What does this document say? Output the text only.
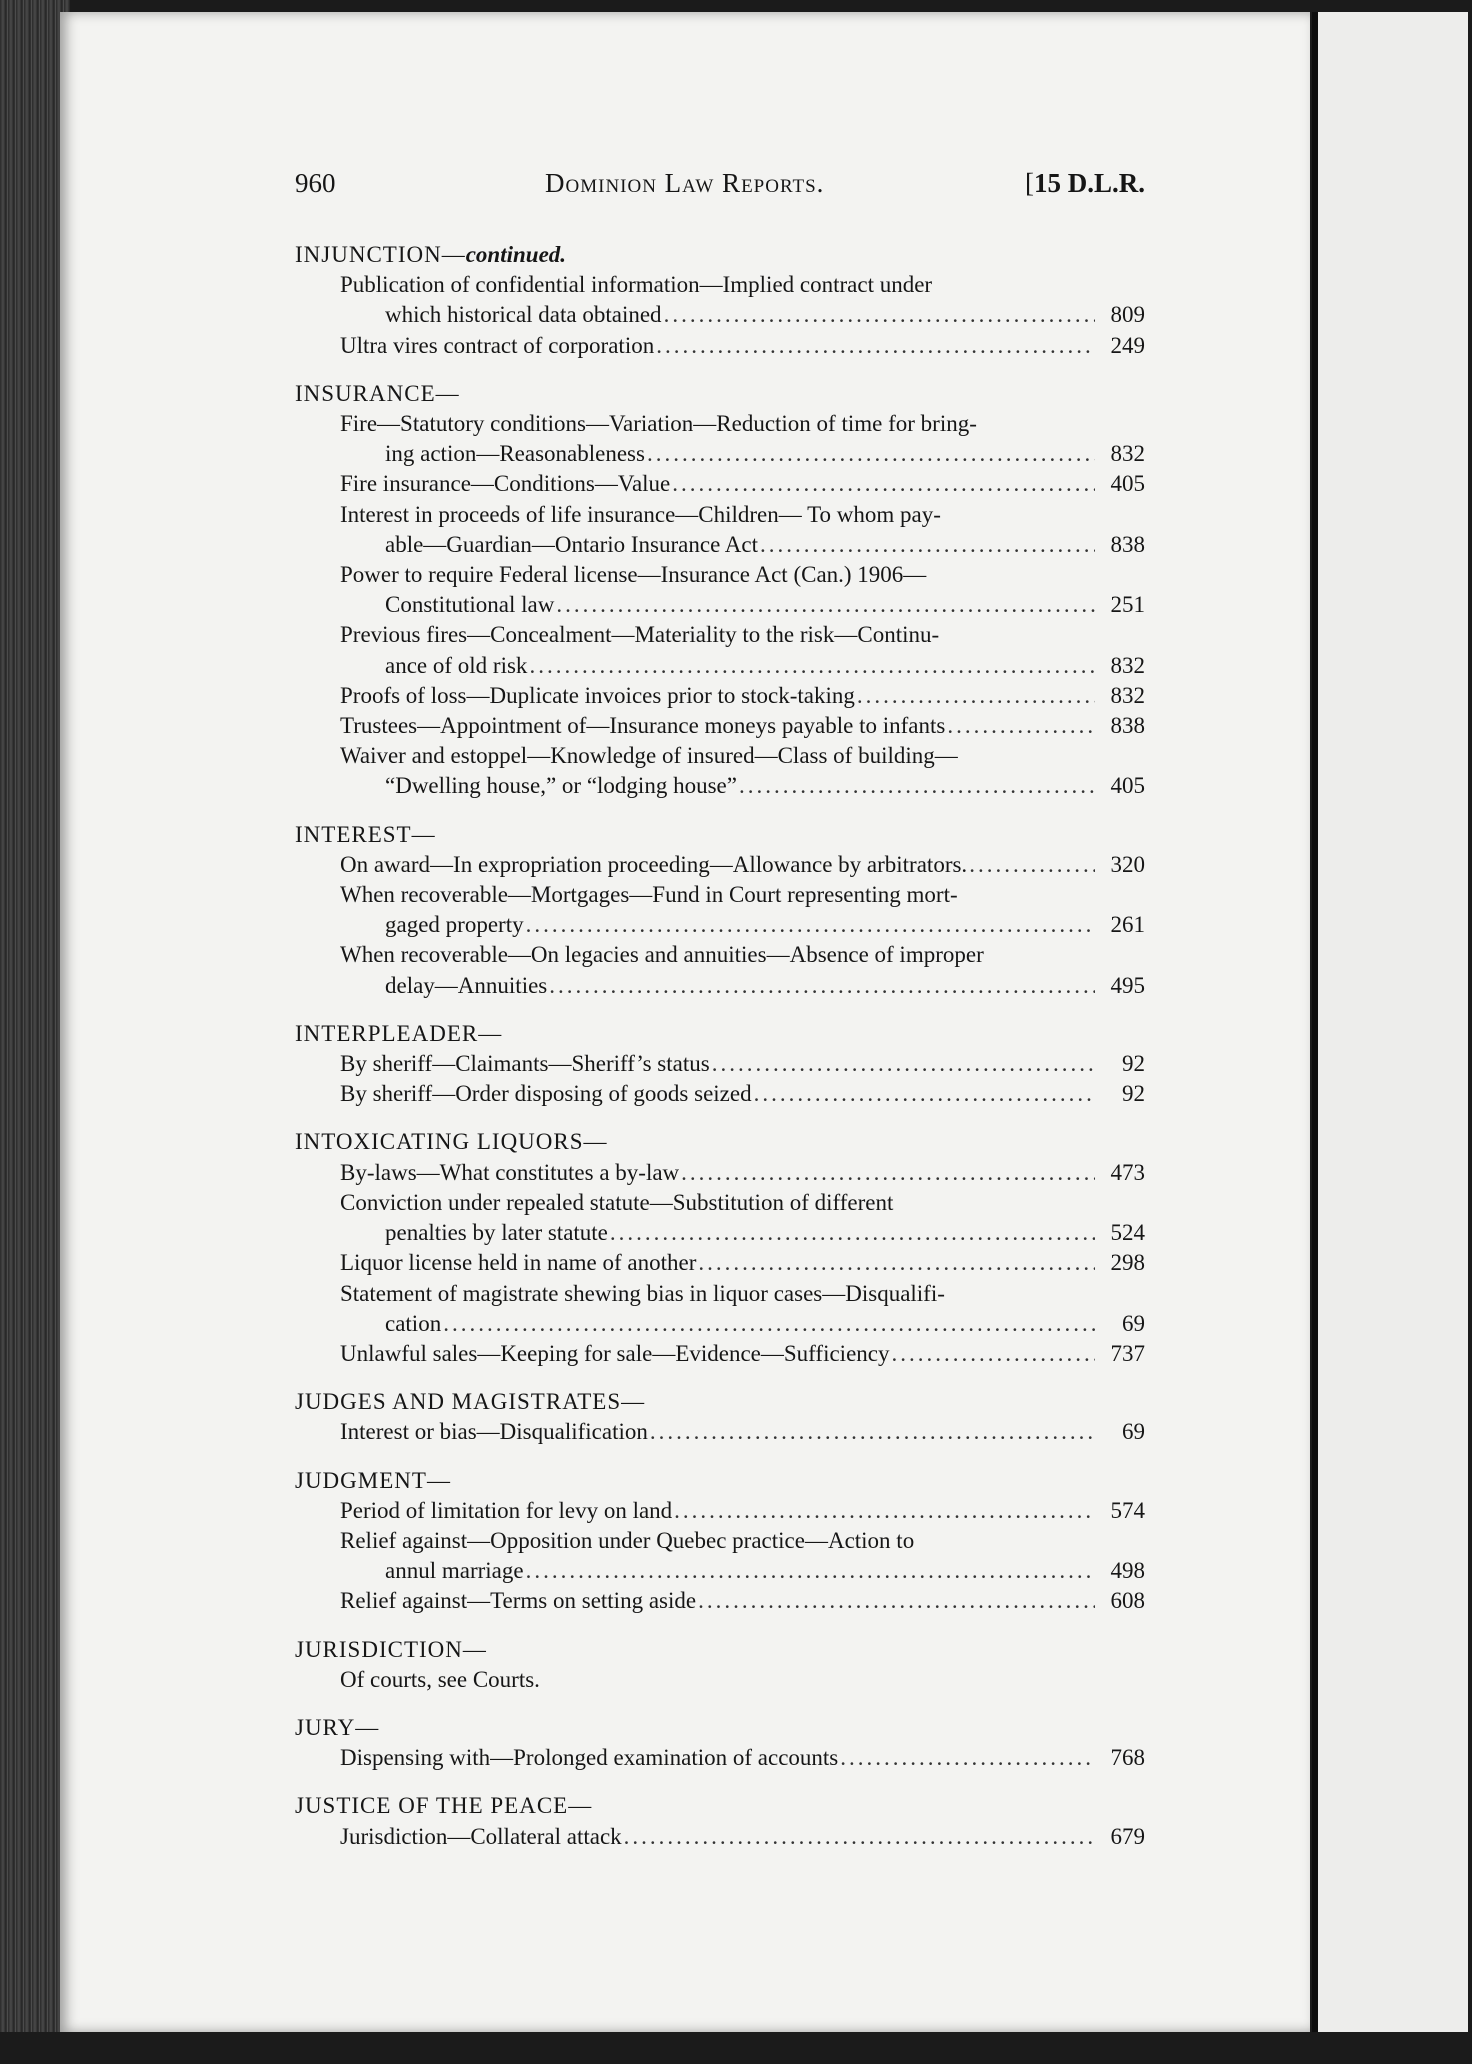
960	Dominion Law Reports.	[15 D.L.R.
INJUNCTION—continued.
Publication of confidential information—Implied contract under
which historical data obtained .....	809
Ultra vires contract of corporation .....	249
INSURANCE—
Fire—Statutory conditions—Variation—Reduction of time for bring-
ing action—Reasonableness .....	832
Fire insurance—Conditions—Value .....	405
Interest in proceeds of life insurance—Children— To whom pay-
able—Guardian—Ontario Insurance Act .....	838
Power to require Federal license—Insurance Act (Can.) 1906—
Constitutional law .....	251
Previous fires—Concealment—Materiality to the risk—Continu-
ance of old risk .....	832
Proofs of loss—Duplicate invoices prior to stock-taking .....	832
Trustees—Appointment of—Insurance moneys payable to infants .....	838
Waiver and estoppel—Knowledge of insured—Class of building—
“Dwelling house,” or “lodging house” .....	405
INTEREST—
On award—In expropriation proceeding—Allowance by arbitrators. .....	320
When recoverable—Mortgages—Fund in Court representing mort-
gaged property .....	261
When recoverable—On legacies and annuities—Absence of improper
delay—Annuities .....	495
INTERPLEADER—
By sheriff—Claimants—Sheriff’s status .....	92
By sheriff—Order disposing of goods seized .....	92
INTOXICATING LIQUORS—
By-laws—What constitutes a by-law .....	473
Conviction under repealed statute—Substitution of different
penalties by later statute .....	524
Liquor license held in name of another .....	298
Statement of magistrate shewing bias in liquor cases—Disqualifi-
cation .....	69
Unlawful sales—Keeping for sale—Evidence—Sufficiency .....	737
JUDGES AND MAGISTRATES—
Interest or bias—Disqualification .....	69
JUDGMENT—
Period of limitation for levy on land .....	574
Relief against—Opposition under Quebec practice—Action to
annul marriage .....	498
Relief against—Terms on setting aside .....	608
JURISDICTION—
Of courts, see Courts.
JURY—
Dispensing with—Prolonged examination of accounts .....	768
JUSTICE OF THE PEACE—
Jurisdiction—Collateral attack .....	679
